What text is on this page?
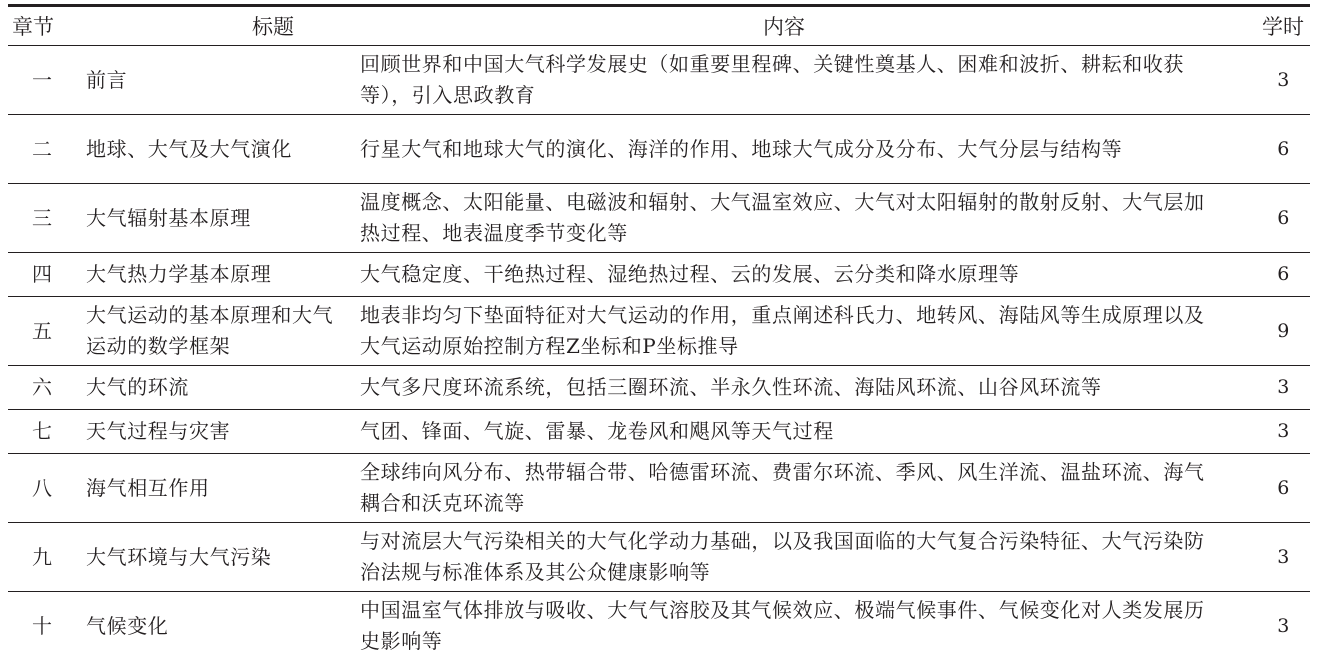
章节	标题	内容	学时
一	前言	回顾世界和中国大气科学发展史（如重要里程碑、关键性奠基人、困难和波折、耕耘和收获等），引入思政教育	3
二	地球、大气及大气演化	行星大气和地球大气的演化、海洋的作用、地球大气成分及分布、大气分层与结构等	6
三	大气辐射基本原理	温度概念、太阳能量、电磁波和辐射、大气温室效应、大气对太阳辐射的散射反射、大气层加热过程、地表温度季节变化等	6
四	大气热力学基本原理	大气稳定度、干绝热过程、湿绝热过程、云的发展、云分类和降水原理等	6
五	大气运动的基本原理和大气运动的数学框架	地表非均匀下垫面特征对大气运动的作用，重点阐述科氏力、地转风、海陆风等生成原理以及大气运动原始控制方程Z坐标和P坐标推导	9
六	大气的环流	大气多尺度环流系统，包括三圈环流、半永久性环流、海陆风环流、山谷风环流等	3
七	天气过程与灾害	气团、锋面、气旋、雷暴、龙卷风和飓风等天气过程	3
八	海气相互作用	全球纬向风分布、热带辐合带、哈德雷环流、费雷尔环流、季风、风生洋流、温盐环流、海气耦合和沃克环流等	6
九	大气环境与大气污染	与对流层大气污染相关的大气化学动力基础，以及我国面临的大气复合污染特征、大气污染防治法规与标准体系及其公众健康影响等	3
十	气候变化	中国温室气体排放与吸收、大气气溶胶及其气候效应、极端气候事件、气候变化对人类发展历史影响等	3
